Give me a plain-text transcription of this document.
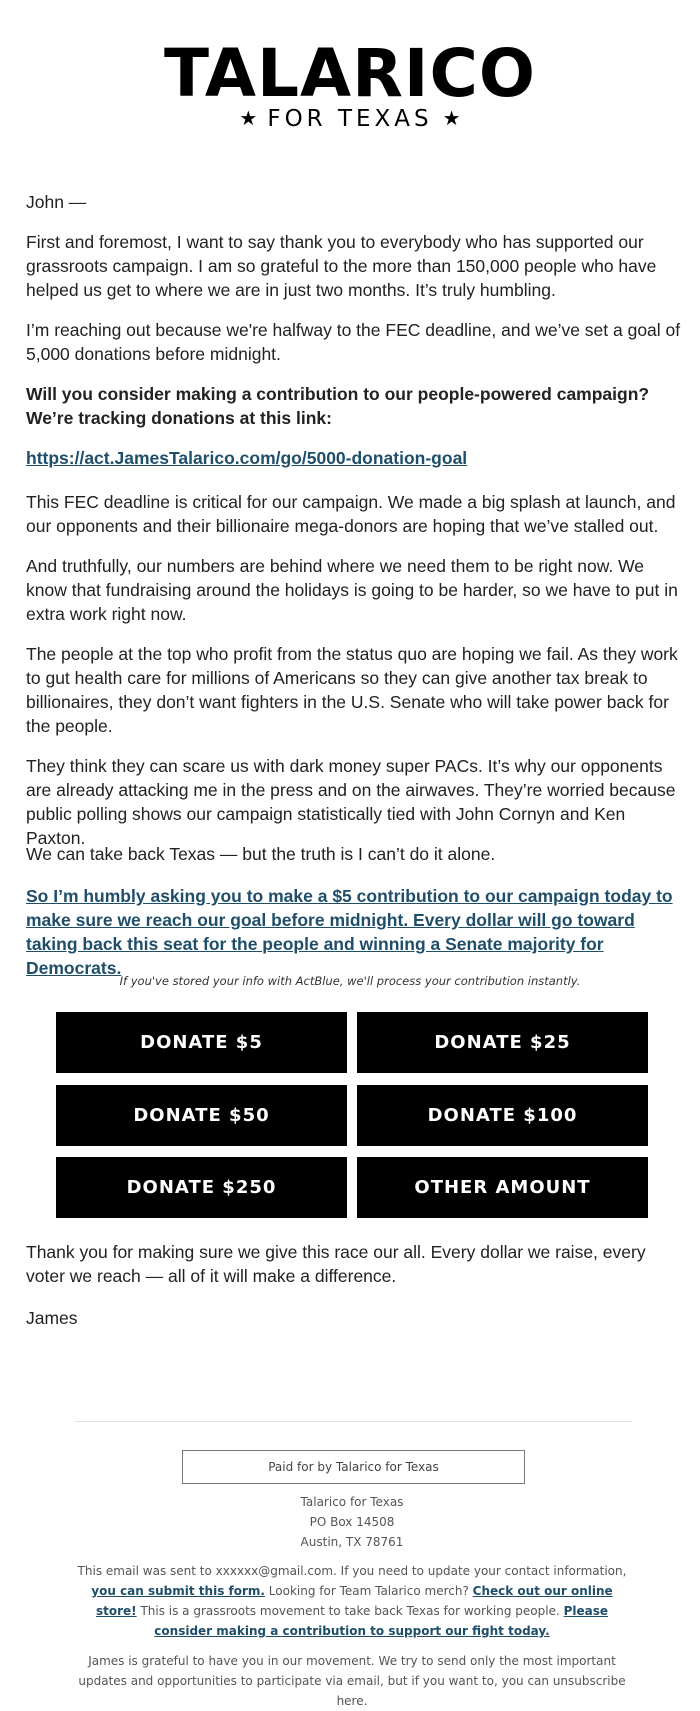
TALARICO
★ FOR TEXAS ★

John —

First and foremost, I want to say thank you to everybody who has supported our grassroots campaign. I am so grateful to the more than 150,000 people who have helped us get to where we are in just two months. It’s truly humbling.

I’m reaching out because we're halfway to the FEC deadline, and we’ve set a goal of 5,000 donations before midnight.

Will you consider making a contribution to our people-powered campaign? We’re tracking donations at this link:

https://act.JamesTalarico.com/go/5000-donation-goal

This FEC deadline is critical for our campaign. We made a big splash at launch, and our opponents and their billionaire mega-donors are hoping that we’ve stalled out.

And truthfully, our numbers are behind where we need them to be right now. We know that fundraising around the holidays is going to be harder, so we have to put in extra work right now.

The people at the top who profit from the status quo are hoping we fail. As they work to gut health care for millions of Americans so they can give another tax break to billionaires, they don’t want fighters in the U.S. Senate who will take power back for the people.

They think they can scare us with dark money super PACs. It’s why our opponents are already attacking me in the press and on the airwaves. They’re worried because public polling shows our campaign statistically tied with John Cornyn and Ken Paxton.

We can take back Texas — but the truth is I can’t do it alone.

So I’m humbly asking you to make a $5 contribution to our campaign today to make sure we reach our goal before midnight. Every dollar will go toward taking back this seat for the people and winning a Senate majority for Democrats.
If you've stored your info with ActBlue, we'll process your contribution instantly.
DONATE $5	DONATE $25
DONATE $50	DONATE $100
DONATE $250	OTHER AMOUNT

Thank you for making sure we give this race our all. Every dollar we raise, every voter we reach — all of it will make a difference.

James

Paid for by Talarico for Texas

Talarico for Texas

PO Box 14508

Austin, TX 78761

This email was sent to xxxxxx@gmail.com. If you need to update your contact information, you can submit this form. Looking for Team Talarico merch? Check out our online store! This is a grassroots movement to take back Texas for working people. Please consider making a contribution to support our fight today.

James is grateful to have you in our movement. We try to send only the most important updates and opportunities to participate via email, but if you want to, you can unsubscribe here.
